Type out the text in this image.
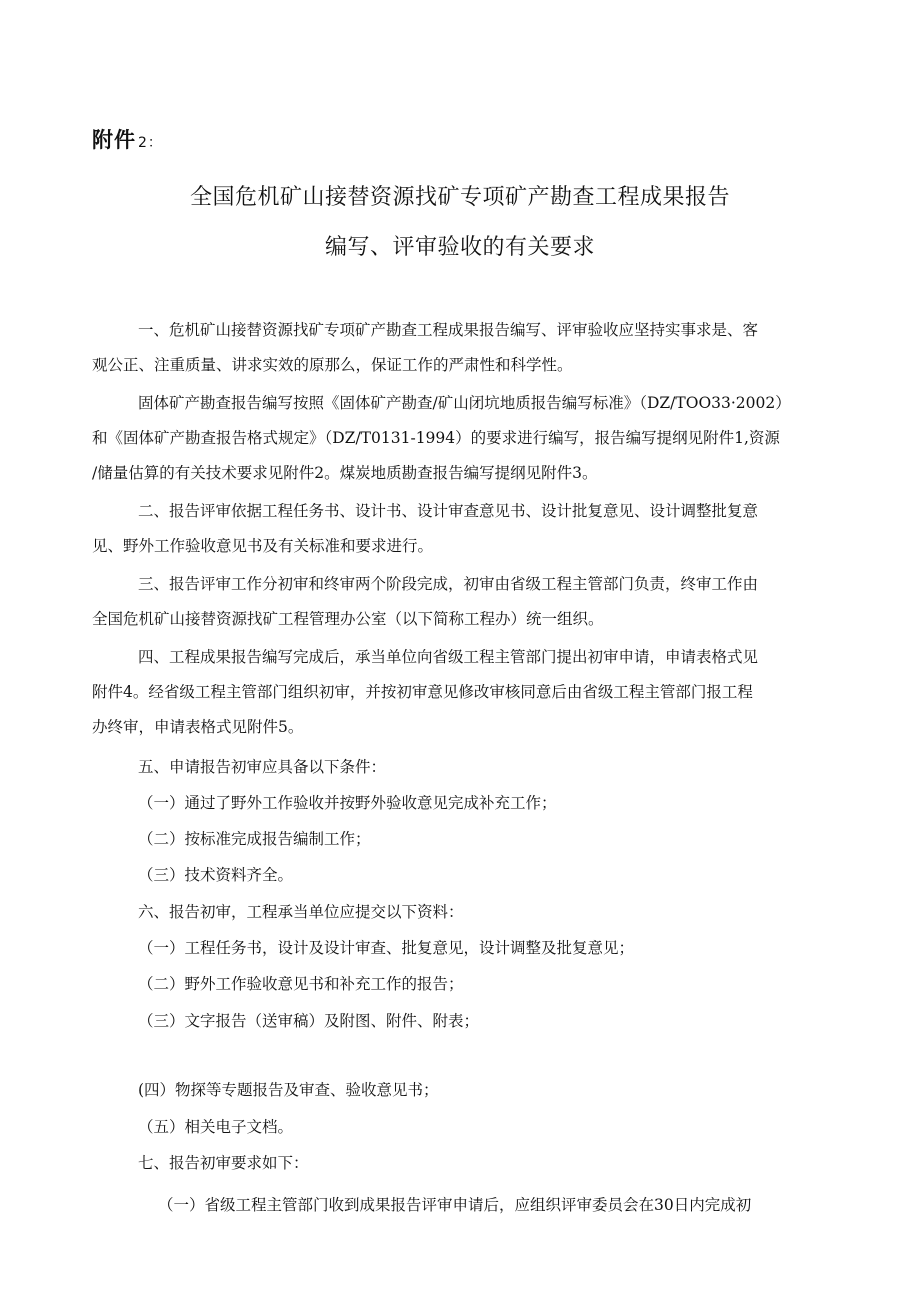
附件 2：
全国危机矿山接替资源找矿专项矿产勘查工程成果报告
编写、评审验收的有关要求
一、危机矿山接替资源找矿专项矿产勘查工程成果报告编写、评审验收应坚持实事求是、客
观公正、注重质量、讲求实效的原那么，保证工作的严肃性和科学性。
固体矿产勘查报告编写按照《固体矿产勘查/矿山闭坑地质报告编写标准》（DZ/TOO33·2002）
和《固体矿产勘查报告格式规定》（DZ/T0131-1994）的要求进行编写，报告编写提纲见附件1,资源
/储量估算的有关技术要求见附件2。煤炭地质勘查报告编写提纲见附件3。
二、报告评审依据工程任务书、设计书、设计审查意见书、设计批复意见、设计调整批复意
见、野外工作验收意见书及有关标准和要求进行。
三、报告评审工作分初审和终审两个阶段完成，初审由省级工程主管部门负责，终审工作由
全国危机矿山接替资源找矿工程管理办公室（以下简称工程办）统一组织。
四、工程成果报告编写完成后，承当单位向省级工程主管部门提出初审申请，申请表格式见
附件4。经省级工程主管部门组织初审，并按初审意见修改审核同意后由省级工程主管部门报工程
办终审，申请表格式见附件5。
五、申请报告初审应具备以下条件：
（一）通过了野外工作验收并按野外验收意见完成补充工作；
（二）按标准完成报告编制工作；
（三）技术资料齐全。
六、报告初审，工程承当单位应提交以下资料：
（一）工程任务书，设计及设计审查、批复意见，设计调整及批复意见；
（二）野外工作验收意见书和补充工作的报告；
（三）文字报告（送审稿）及附图、附件、附表；
(四）物探等专题报告及审查、验收意见书；
（五）相关电子文档。
七、报告初审要求如下：
（一）省级工程主管部门收到成果报告评审申请后，应组织评审委员会在30日内完成初
